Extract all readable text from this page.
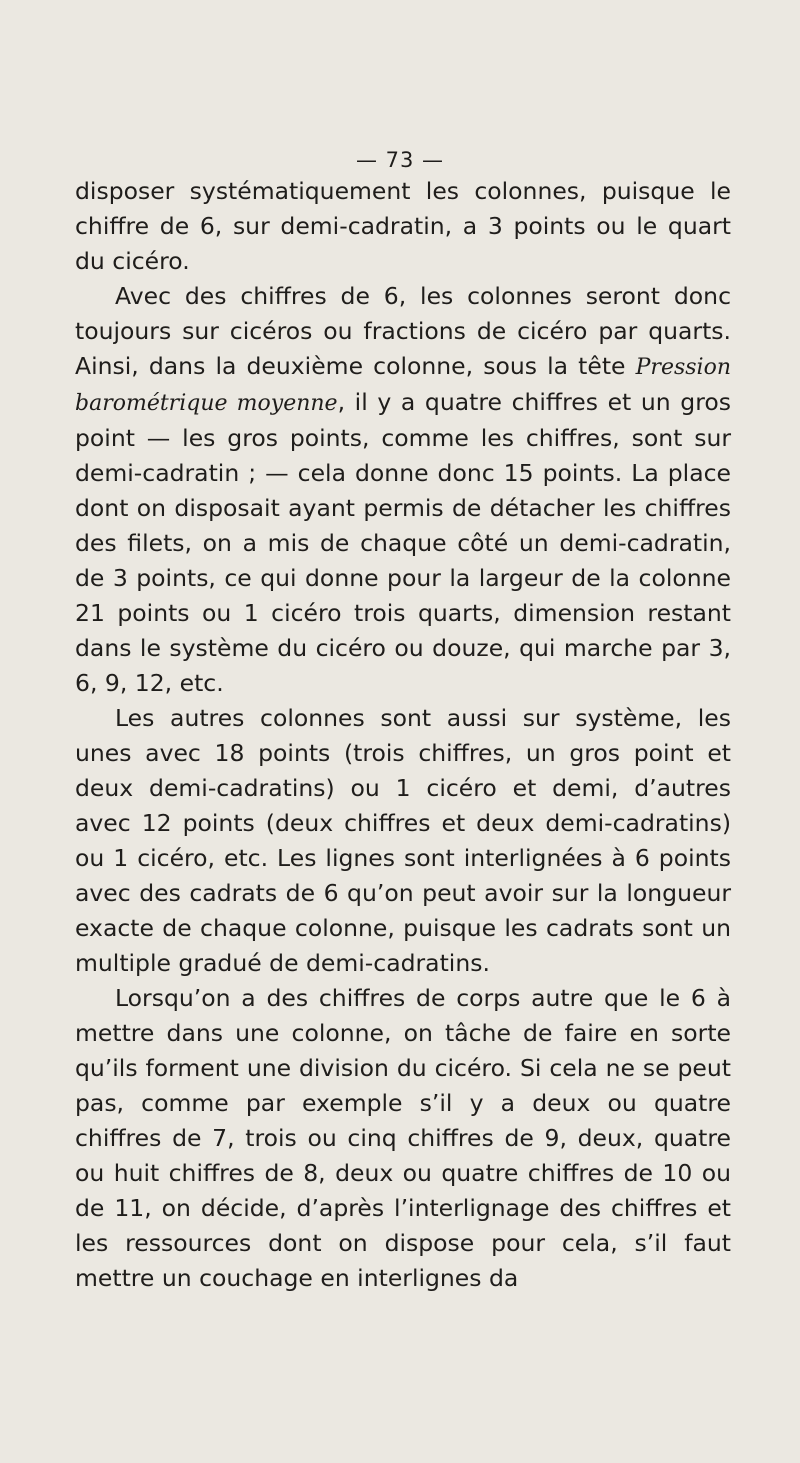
— 73 —

disposer systématiquement les colonnes, puisque le chiffre de 6, sur demi-cadratin, a 3 points ou le quart du cicéro.

Avec des chiffres de 6, les colonnes seront donc toujours sur cicéros ou fractions de cicéro par quarts. Ainsi, dans la deuxième colonne, sous la tête Pression barométrique moyenne, il y a quatre chiffres et un gros point — les gros points, comme les chiffres, sont sur demi-cadratin ; — cela donne donc 15 points. La place dont on disposait ayant permis de détacher les chiffres des filets, on a mis de chaque côté un demi-cadratin, de 3 points, ce qui donne pour la largeur de la colonne 21 points ou 1 cicéro trois quarts, dimension restant dans le système du cicéro ou douze, qui marche par 3, 6, 9, 12, etc.

Les autres colonnes sont aussi sur système, les unes avec 18 points (trois chiffres, un gros point et deux demi-cadratins) ou 1 cicéro et demi, d’autres avec 12 points (deux chiffres et deux demi-cadratins) ou 1 cicéro, etc. Les lignes sont interlignées à 6 points avec des cadrats de 6 qu’on peut avoir sur la longueur exacte de chaque colonne, puisque les cadrats sont un multiple gradué de demi-cadratins.

Lorsqu’on a des chiffres de corps autre que le 6 à mettre dans une colonne, on tâche de faire en sorte qu’ils forment une division du cicéro. Si cela ne se peut pas, comme par exemple s’il y a deux ou quatre chiffres de 7, trois ou cinq chiffres de 9, deux, quatre ou huit chiffres de 8, deux ou quatre chiffres de 10 ou de 11, on décide, d’après l’interlignage des chiffres et les ressources dont on dispose pour cela, s’il faut mettre un couchage en interlignes da
